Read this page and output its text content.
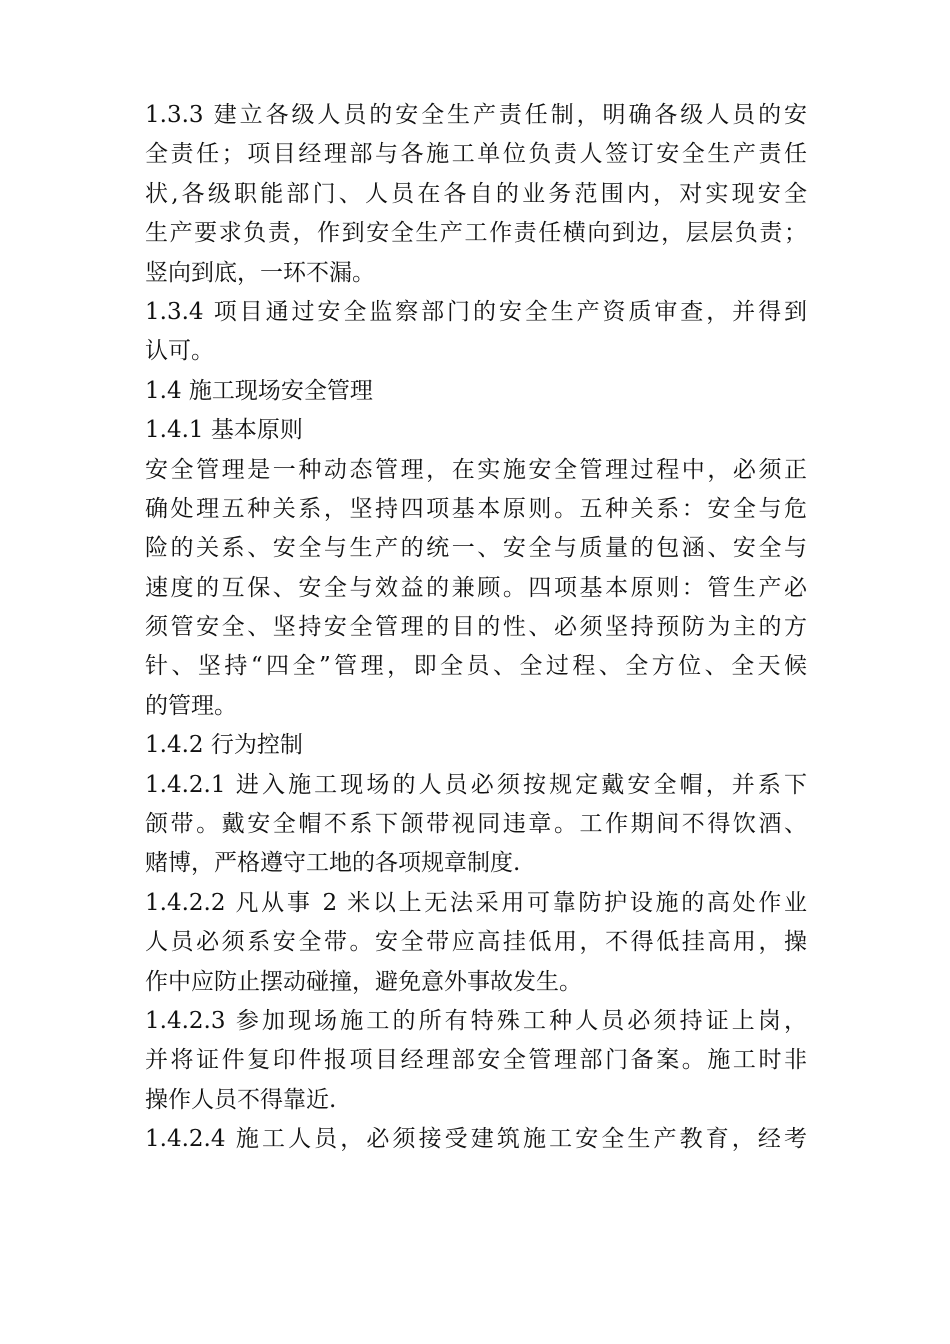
1.3.3 建立各级人员的安全生产责任制，明确各级人员的安
全责任；项目经理部与各施工单位负责人签订安全生产责任
状,各级职能部门、人员在各自的业务范围内，对实现安全
生产要求负责，作到安全生产工作责任横向到边，层层负责；
竖向到底，一环不漏。
1.3.4 项目通过安全监察部门的安全生产资质审查，并得到
认可。
1.4 施工现场安全管理
1.4.1 基本原则
安全管理是一种动态管理，在实施安全管理过程中，必须正
确处理五种关系，坚持四项基本原则。五种关系：安全与危
险的关系、安全与生产的统一、安全与质量的包涵、安全与
速度的互保、安全与效益的兼顾。四项基本原则：管生产必
须管安全、坚持安全管理的目的性、必须坚持预防为主的方
针、坚持“四全”管理，即全员、全过程、全方位、全天候
的管理。
1.4.2 行为控制
1.4.2.1 进入施工现场的人员必须按规定戴安全帽，并系下
颌带。戴安全帽不系下颌带视同违章。工作期间不得饮酒、
赌博，严格遵守工地的各项规章制度.
1.4.2.2 凡从事 2 米以上无法采用可靠防护设施的高处作业
人员必须系安全带。安全带应高挂低用，不得低挂高用，操
作中应防止摆动碰撞，避免意外事故发生。
1.4.2.3 参加现场施工的所有特殊工种人员必须持证上岗，
并将证件复印件报项目经理部安全管理部门备案。施工时非
操作人员不得靠近.
1.4.2.4 施工人员，必须接受建筑施工安全生产教育，经考
